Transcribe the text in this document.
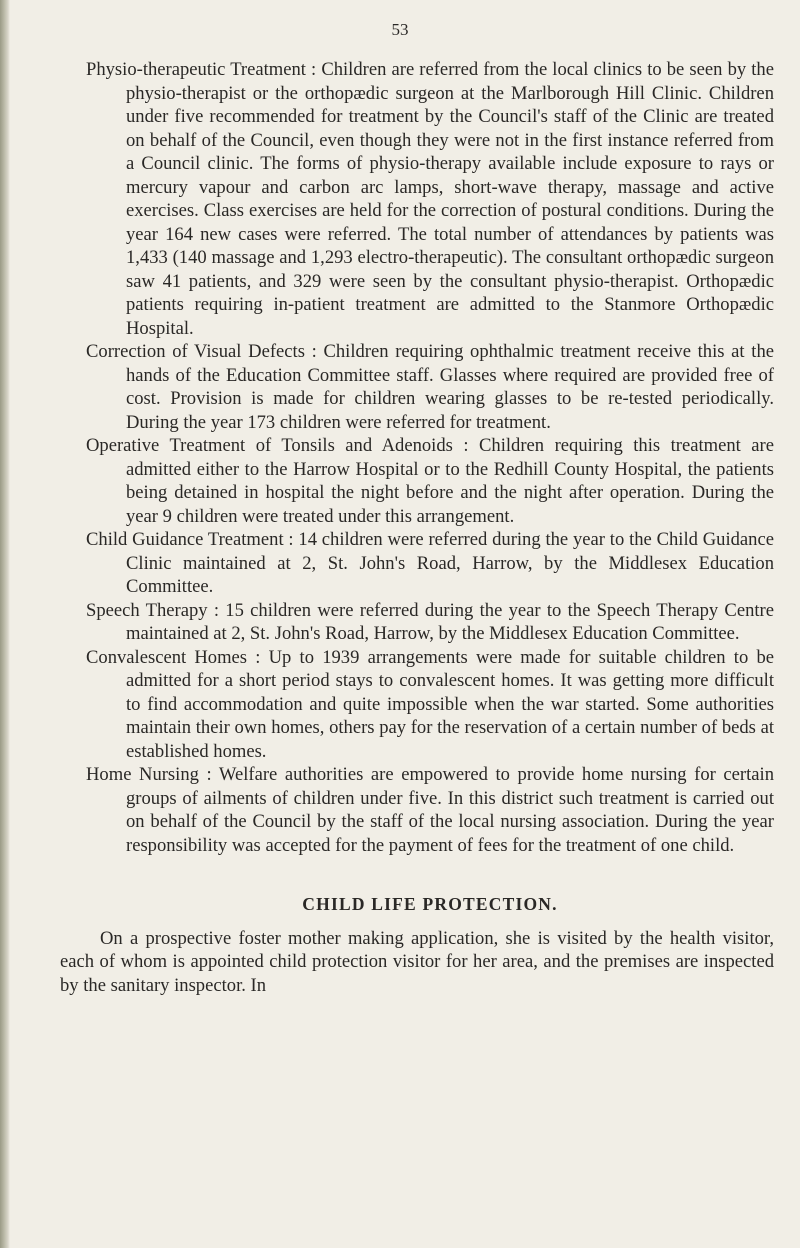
53

Physio-therapeutic Treatment : Children are referred from the local clinics to be seen by the physio-therapist or the orthopædic surgeon at the Marlborough Hill Clinic. Children under five recommended for treatment by the Council's staff of the Clinic are treated on behalf of the Council, even though they were not in the first instance referred from a Council clinic. The forms of physio-therapy available include exposure to rays or mercury vapour and carbon arc lamps, short-wave therapy, massage and active exercises. Class exercises are held for the correction of postural conditions. During the year 164 new cases were referred. The total number of attendances by patients was 1,433 (140 massage and 1,293 electro-therapeutic). The consultant orthopædic surgeon saw 41 patients, and 329 were seen by the consultant physio-therapist. Orthopædic patients requiring in-patient treatment are admitted to the Stanmore Orthopædic Hospital.

Correction of Visual Defects : Children requiring ophthalmic treatment receive this at the hands of the Education Committee staff. Glasses where required are provided free of cost. Provision is made for children wearing glasses to be re-tested periodically. During the year 173 children were referred for treatment.

Operative Treatment of Tonsils and Adenoids : Children requiring this treatment are admitted either to the Harrow Hospital or to the Redhill County Hospital, the patients being detained in hospital the night before and the night after operation. During the year 9 children were treated under this arrangement.

Child Guidance Treatment : 14 children were referred during the year to the Child Guidance Clinic maintained at 2, St. John's Road, Harrow, by the Middlesex Education Committee.

Speech Therapy : 15 children were referred during the year to the Speech Therapy Centre maintained at 2, St. John's Road, Harrow, by the Middlesex Education Committee.

Convalescent Homes : Up to 1939 arrangements were made for suitable children to be admitted for a short period stays to convalescent homes. It was getting more difficult to find accommodation and quite impossible when the war started. Some authorities maintain their own homes, others pay for the reservation of a certain number of beds at established homes.

Home Nursing : Welfare authorities are empowered to provide home nursing for certain groups of ailments of children under five. In this district such treatment is carried out on behalf of the Council by the staff of the local nursing association. During the year responsibility was accepted for the payment of fees for the treatment of one child.

CHILD LIFE PROTECTION.

On a prospective foster mother making application, she is visited by the health visitor, each of whom is appointed child protection visitor for her area, and the premises are inspected by the sanitary inspector. In
